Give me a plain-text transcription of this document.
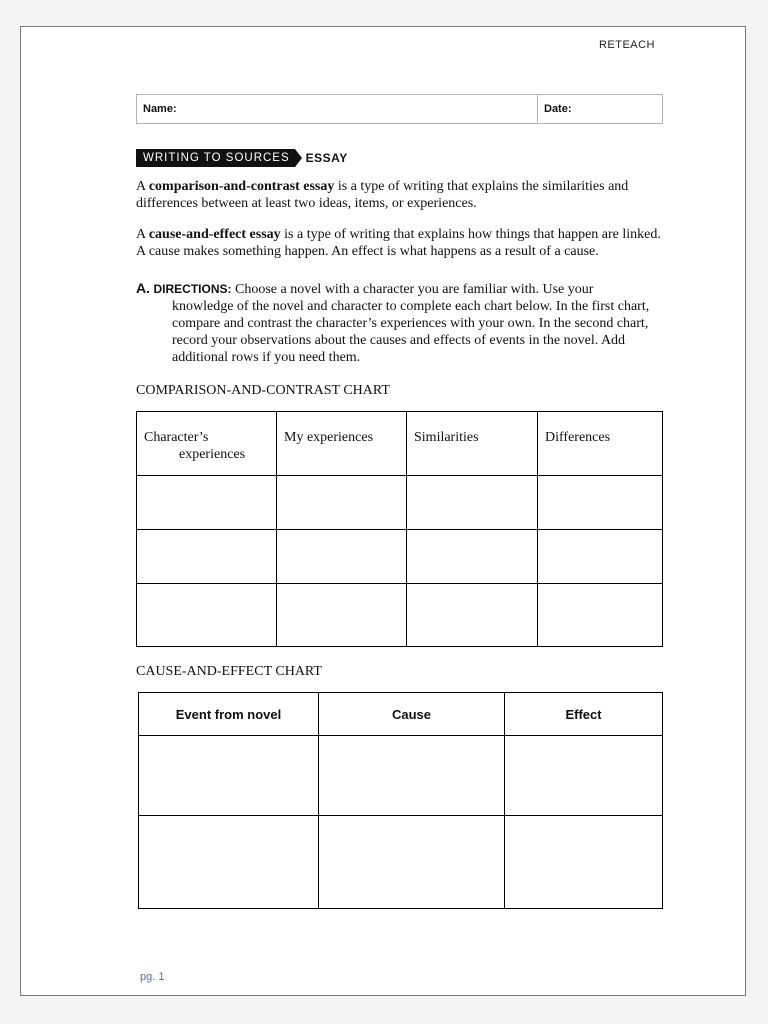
RETEACH
Name:	Date:
WRITING TO SOURCES	ESSAY
A comparison-and-contrast essay is a type of writing that explains the similarities and differences between at least two ideas, items, or experiences.
A cause-and-effect essay is a type of writing that explains how things that happen are linked. A cause makes something happen. An effect is what happens as a result of a cause.
A. DIRECTIONS: Choose a novel with a character you are familiar with. Use your
knowledge of the novel and character to complete each chart below. In the first chart, compare and contrast the character’s experiences with your own. In the second chart, record your observations about the causes and effects of events in the novel. Add additional rows if you need them.
COMPARISON-AND-CONTRAST CHART
Character’s
experiences	My experiences	Similarities	Differences

CAUSE-AND-EFFECT CHART
Event from novel	Cause	Effect

pg. 1
